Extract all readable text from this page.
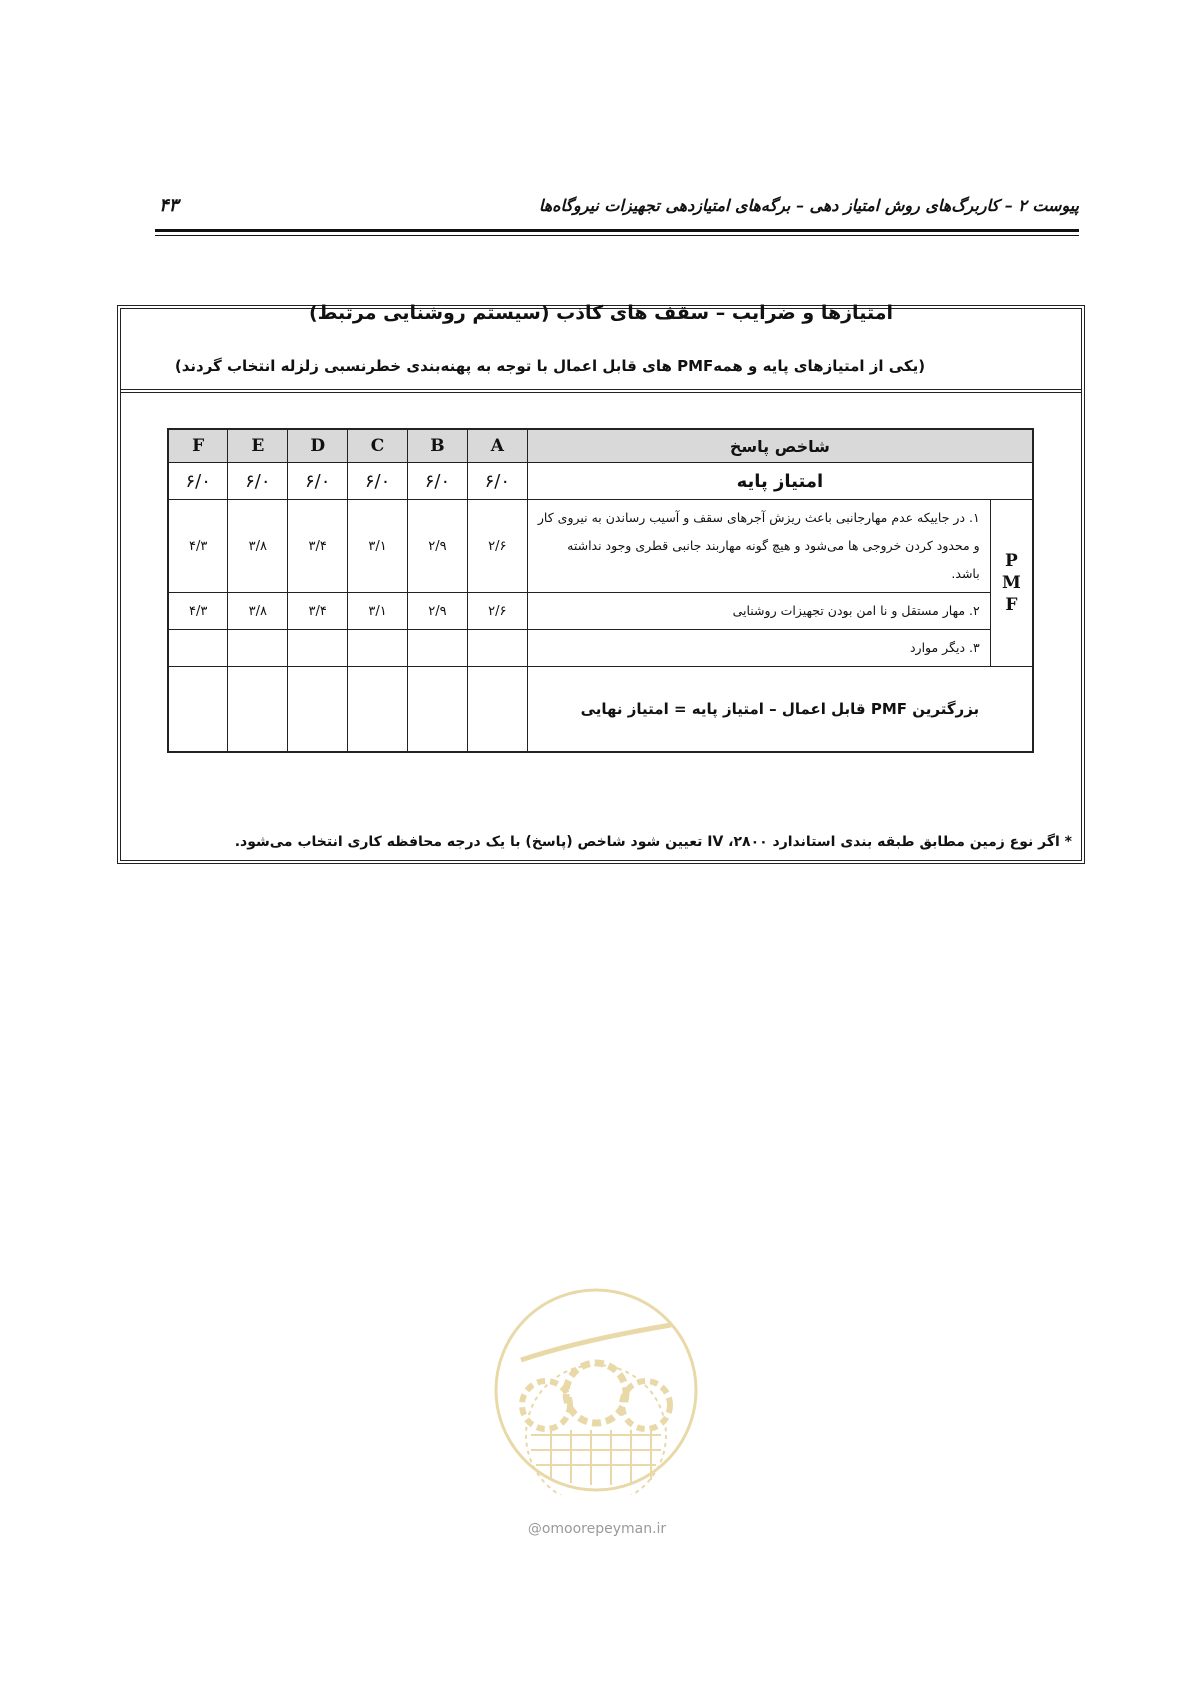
پیوست ۲ – کاربرگ‌های روش امتیاز دهی – برگه‌های امتیازدهی تجهیزات نیروگاه‌ها
۴۳
امتیازها و ضرایب – سقف های کاذب (سیستم روشنایی مرتبط)
(یکی از امتیازهای پایه و همهPMF های قابل اعمال با توجه به پهنه‌بندی خطرنسبی زلزله انتخاب گردند)
F	E	D	C	B	A	شاخص پاسخ	
۶/۰	۶/۰	۶/۰	۶/۰	۶/۰	۶/۰	امتیاز پایه	
۴/۳	۳/۸	۳/۴	۳/۱	۲/۹	۲/۶	۱. در جاییکه عدم مهارجانبی باعث ریزش آجرهای سقف و آسیب رساندن به نیروی کار و محدود کردن خروجی ها می‌شود و هیچ گونه مهاربند جانبی قطری وجود نداشته باشد.	P
M
F

۴/۳	۳/۸	۳/۴	۳/۱	۲/۹	۲/۶	۲. مهار مستقل و نا امن بودن تجهیزات روشنایی	
						۳. دیگر موارد	
						بزرگترین PMF قابل اعمال – امتیاز پایه = امتیاز نهایی	
* اگر نوع زمین مطابق طبقه بندی استاندارد ۲۸۰۰، IV تعیین شود شاخص (پاسخ) با یک درجه محافظه کاری انتخاب می‌شود.
@omoorepeyman.ir
